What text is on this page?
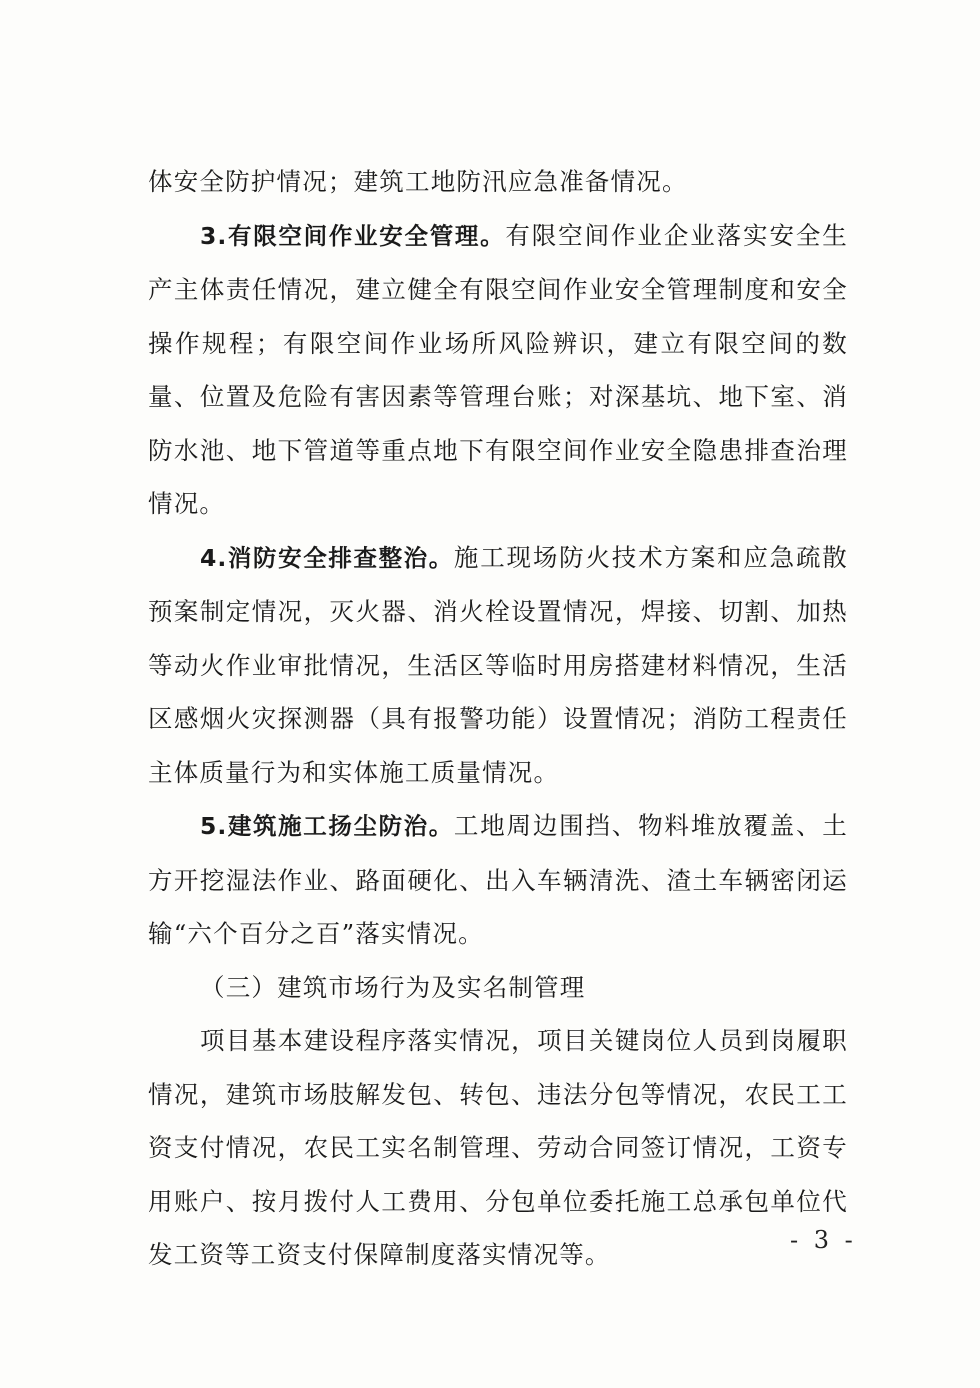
体安全防护情况；建筑工地防汛应急准备情况。

3.有限空间作业安全管理。有限空间作业企业落实安全生产主体责任情况，建立健全有限空间作业安全管理制度和安全操作规程；有限空间作业场所风险辨识，建立有限空间的数量、位置及危险有害因素等管理台账；对深基坑、地下室、消防水池、地下管道等重点地下有限空间作业安全隐患排查治理情况。

4.消防安全排查整治。施工现场防火技术方案和应急疏散预案制定情况，灭火器、消火栓设置情况，焊接、切割、加热等动火作业审批情况，生活区等临时用房搭建材料情况，生活区感烟火灾探测器（具有报警功能）设置情况；消防工程责任主体质量行为和实体施工质量情况。

5.建筑施工扬尘防治。工地周边围挡、物料堆放覆盖、土方开挖湿法作业、路面硬化、出入车辆清洗、渣土车辆密闭运输“六个百分之百”落实情况。

（三）建筑市场行为及实名制管理

项目基本建设程序落实情况，项目关键岗位人员到岗履职情况，建筑市场肢解发包、转包、违法分包等情况，农民工工资支付情况，农民工实名制管理、劳动合同签订情况，工资专用账户、按月拨付人工费用、分包单位委托施工总承包单位代发工资等工资支付保障制度落实情况等。	- 3 -
